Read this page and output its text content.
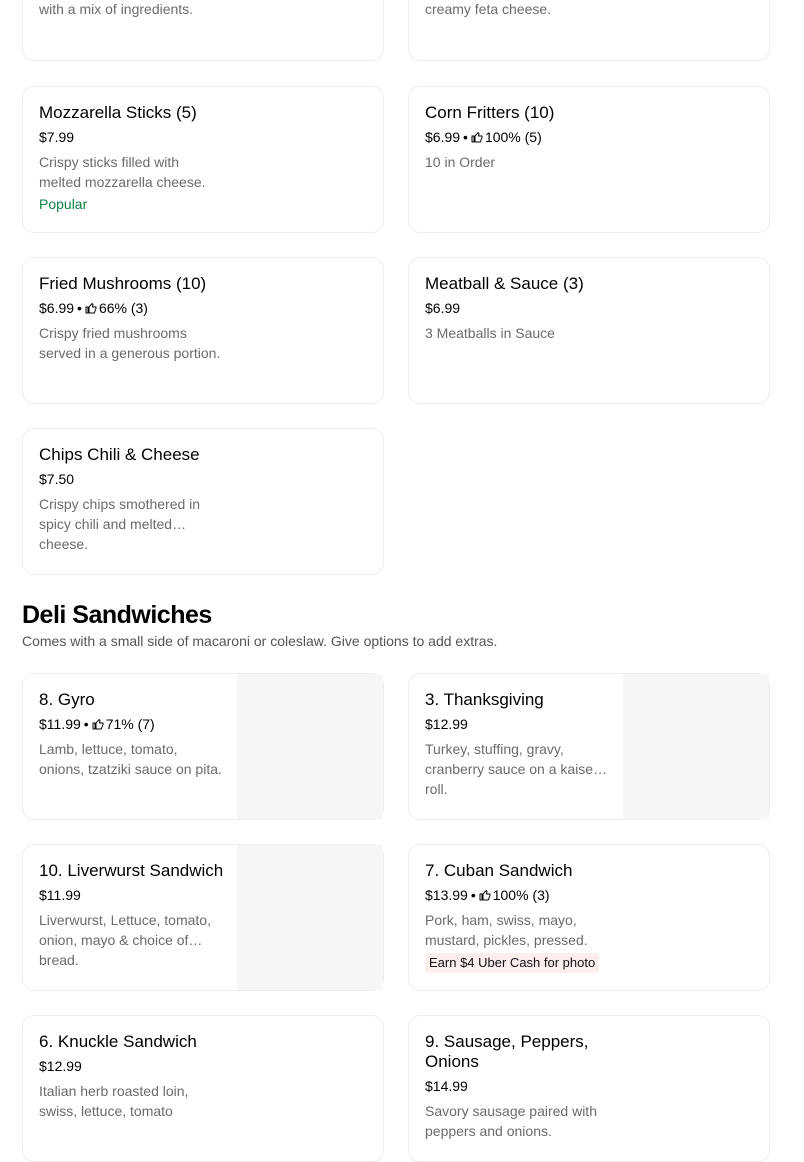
with a mix of ingredients.	creamy feta cheese.
Mozzarella Sticks (5)
$7.99
Crispy sticks filled with melted mozzarella cheese.
Popular
Corn Fritters (10)
$6.99 • 100% (5)
10 in Order
Fried Mushrooms (10)
$6.99 • 66% (3)
Crispy fried mushrooms served in a generous portion.
Meatball & Sauce (3)
$6.99
3 Meatballs in Sauce
Chips Chili & Cheese
$7.50
Crispy chips smothered in spicy chili and melted cheese.
Deli Sandwiches
Comes with a small side of macaroni or coleslaw. Give options to add extras.
8. Gyro
$11.99 • 71% (7)
Lamb, lettuce, tomato, onions, tzatziki sauce on pita.
3. Thanksgiving
$12.99
Turkey, stuffing, gravy, cranberry sauce on a kaiser roll.
10. Liverwurst Sandwich
$11.99
Liverwurst, Lettuce, tomato, onion, mayo & choice of bread.
7. Cuban Sandwich
$13.99 • 100% (3)
Pork, ham, swiss, mayo, mustard, pickles, pressed.
Earn $4 Uber Cash for photo
6. Knuckle Sandwich
$12.99
Italian herb roasted loin, swiss, lettuce, tomato
9. Sausage, Peppers, Onions
$14.99
Savory sausage paired with peppers and onions.
